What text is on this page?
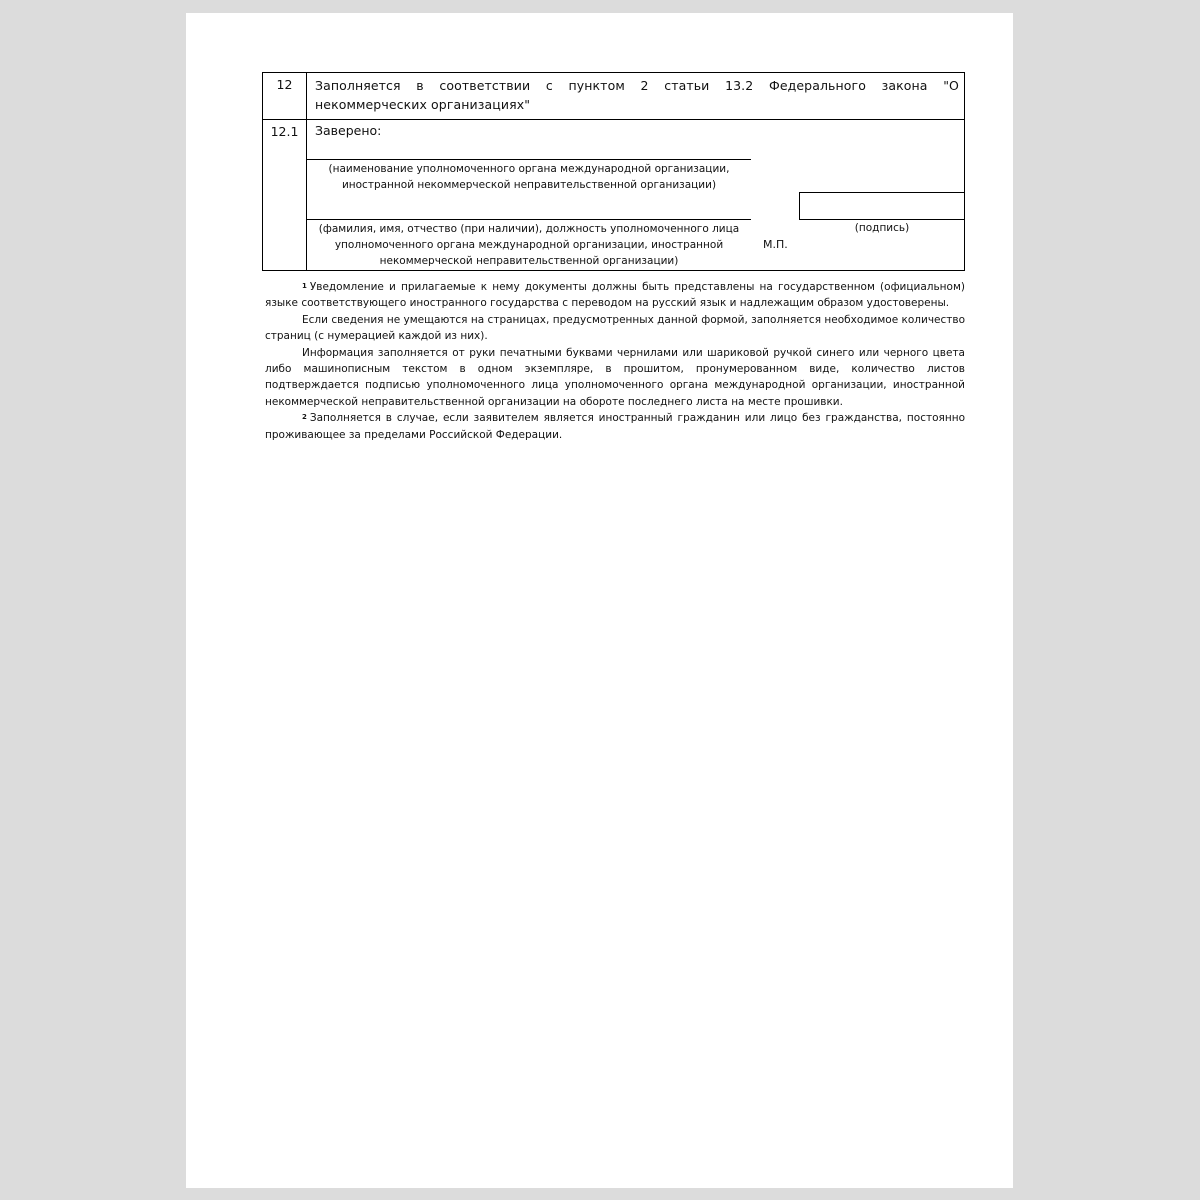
12	Заполняется в соответствии с пунктом 2 статьи 13.2 Федерального закона "О некоммерческих организациях"
12.1	Заверено:
(наименование уполномоченного органа международной организации, иностранной некоммерческой неправительственной организации)
(фамилия, имя, отчество (при наличии), должность уполномоченного лица уполномоченного органа международной организации, иностранной некоммерческой неправительственной организации)
М.П.
(подпись)

$^1$ Уведомление и прилагаемые к нему документы должны быть представлены на государственном (официальном) языке соответствующего иностранного государства с переводом на русский язык и надлежащим образом удостоверены.

Если сведения не умещаются на страницах, предусмотренных данной формой, заполняется необходимое количество страниц (с нумерацией каждой из них).

Информация заполняется от руки печатными буквами чернилами или шариковой ручкой синего или черного цвета либо машинописным текстом в одном экземпляре, в прошитом, пронумерованном виде, количество листов подтверждается подписью уполномоченного лица уполномоченного органа международной организации, иностранной некоммерческой неправительственной организации на обороте последнего листа на месте прошивки.

$^2$ Заполняется в случае, если заявителем является иностранный гражданин или лицо без гражданства, постоянно проживающее за пределами Российской Федерации.
